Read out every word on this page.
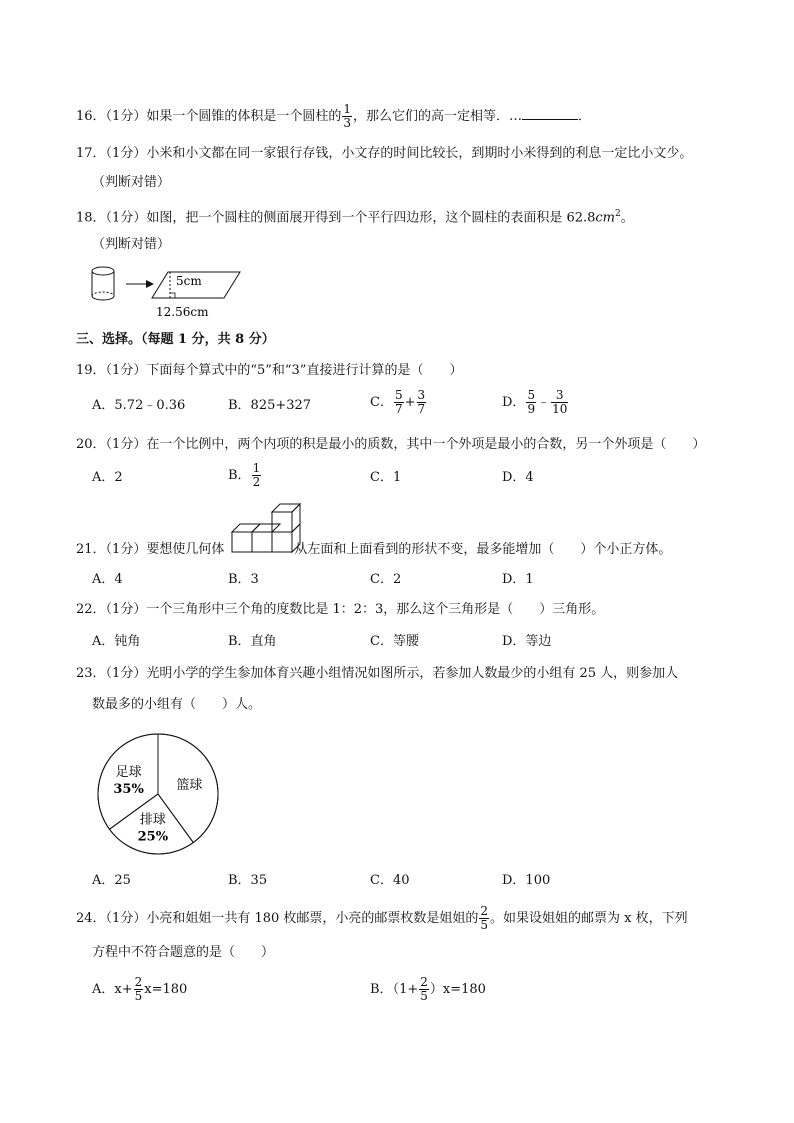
16．（1分）如果一个圆锥的体积是一个圆柱的 $\frac{1}{3}$ ，那么它们的高一定相等．…	．
17．（1分）小米和小文都在同一家银行存钱，小文存的时间比较长，到期时小米得到的利息一定比小文少。
（判断对错）
18．（1分）如图，把一个圆柱的侧面展开得到一个平行四边形，这个圆柱的表面积是 $62.8cm^2$。
（判断对错）
5cm
12.56cm
三、选择。（每题 1 分，共 8 分）
19．（1分）下面每个算式中的“5”和“3”直接进行计算的是（　　）
A．5.72﹣0.36	B．825+327	C． $\frac{5}{7} + \frac{3}{7}$	D． $\frac{5}{9}$ ﹣ $\frac{3}{10}$
20．（1分）在一个比例中，两个内项的积是最小的质数，其中一个外项是最小的合数，另一个外项是（　　）
A．2	B． $\frac{1}{2}$	C．1	D．4
21．（1分）要想使几何体	从左面和上面看到的形状不变，最多能增加（　　）个小正方体。
A．4	B．3	C．2	D．1
22．（1分）一个三角形中三个角的度数比是 1：2：3，那么这个三角形是（　　）三角形。
A．钝角	B．直角	C．等腰	D．等边
23．（1分）光明小学的学生参加体育兴趣小组情况如图所示，若参加人数最少的小组有 25 人，则参加人
数最多的小组有（　　）人。
篮球
排球
25%
足球
35%
A．25	B．35	C．40	D．100
24．（1分）小亮和姐姐一共有 180 枚邮票，小亮的邮票枚数是姐姐的 $\frac{2}{5}$ 。如果设姐姐的邮票为 x 枚，下列
方程中不符合题意的是（　　）
A．$x+ \frac{2}{5} x=180$	B．$(1+ \frac{2}{5} )x=180$
